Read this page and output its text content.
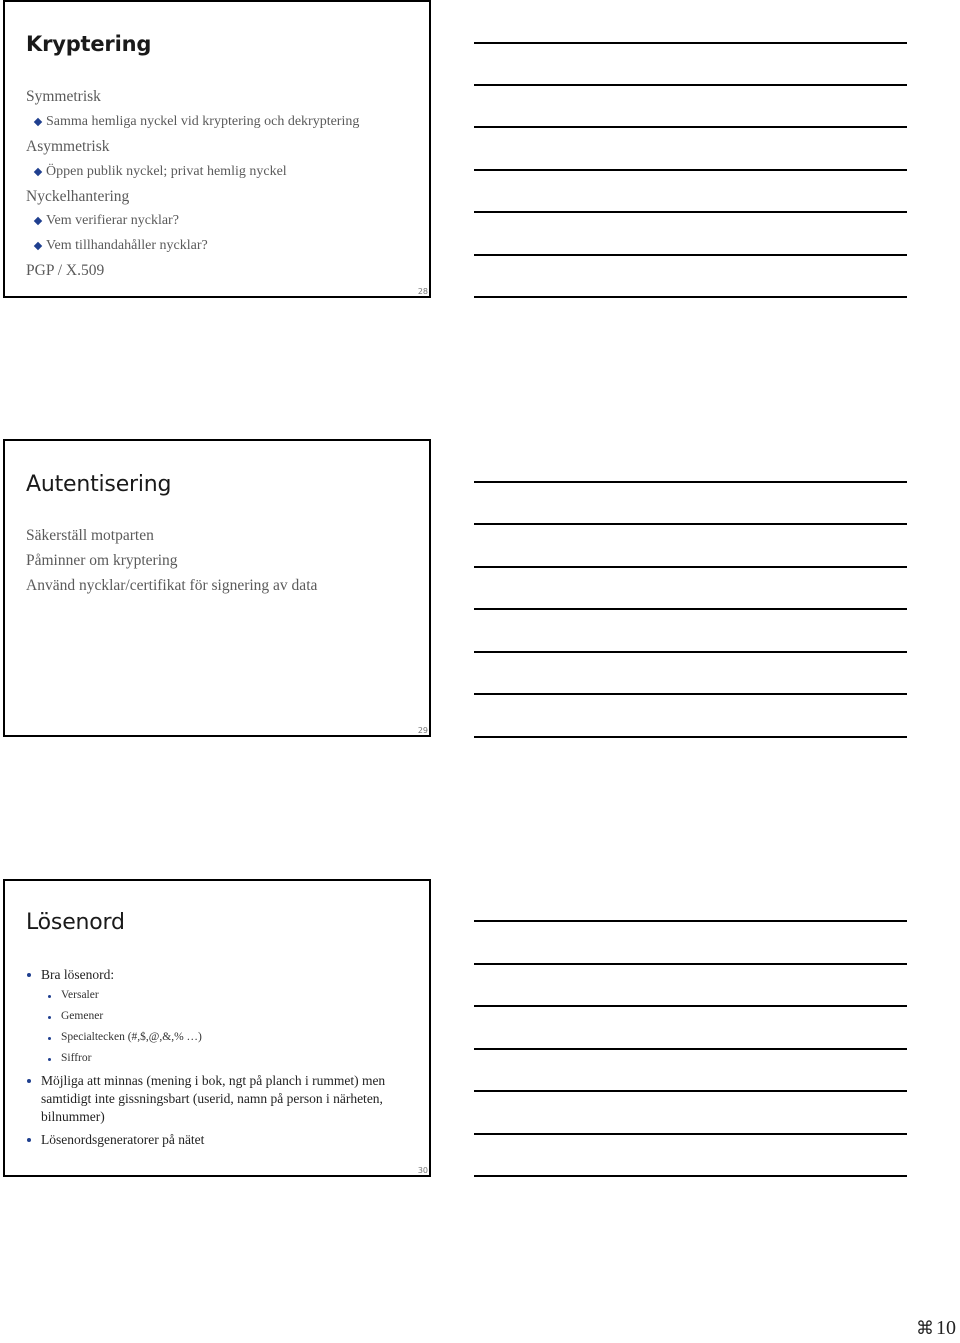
Kryptering
Symmetrisk
Samma hemliga nyckel vid kryptering och dekryptering
Asymmetrisk
Öppen publik nyckel; privat hemlig nyckel
Nyckelhantering
Vem verifierar nycklar?
Vem tillhandahåller nycklar?
PGP / X.509
28
Autentisering
Säkerställ motparten
Påminner om kryptering
Använd nycklar/certifikat för signering av data
29
Lösenord
Bra lösenord:
Versaler
Gemener
Specialtecken (#,$,@,&,% …)
Siffror
Möjliga att minnas (mening i bok, ngt på planch i rummet) men samtidigt inte gissningsbart (userid, namn på person i närheten, bilnummer)
Lösenordsgeneratorer på nätet
30
⌘ 10
